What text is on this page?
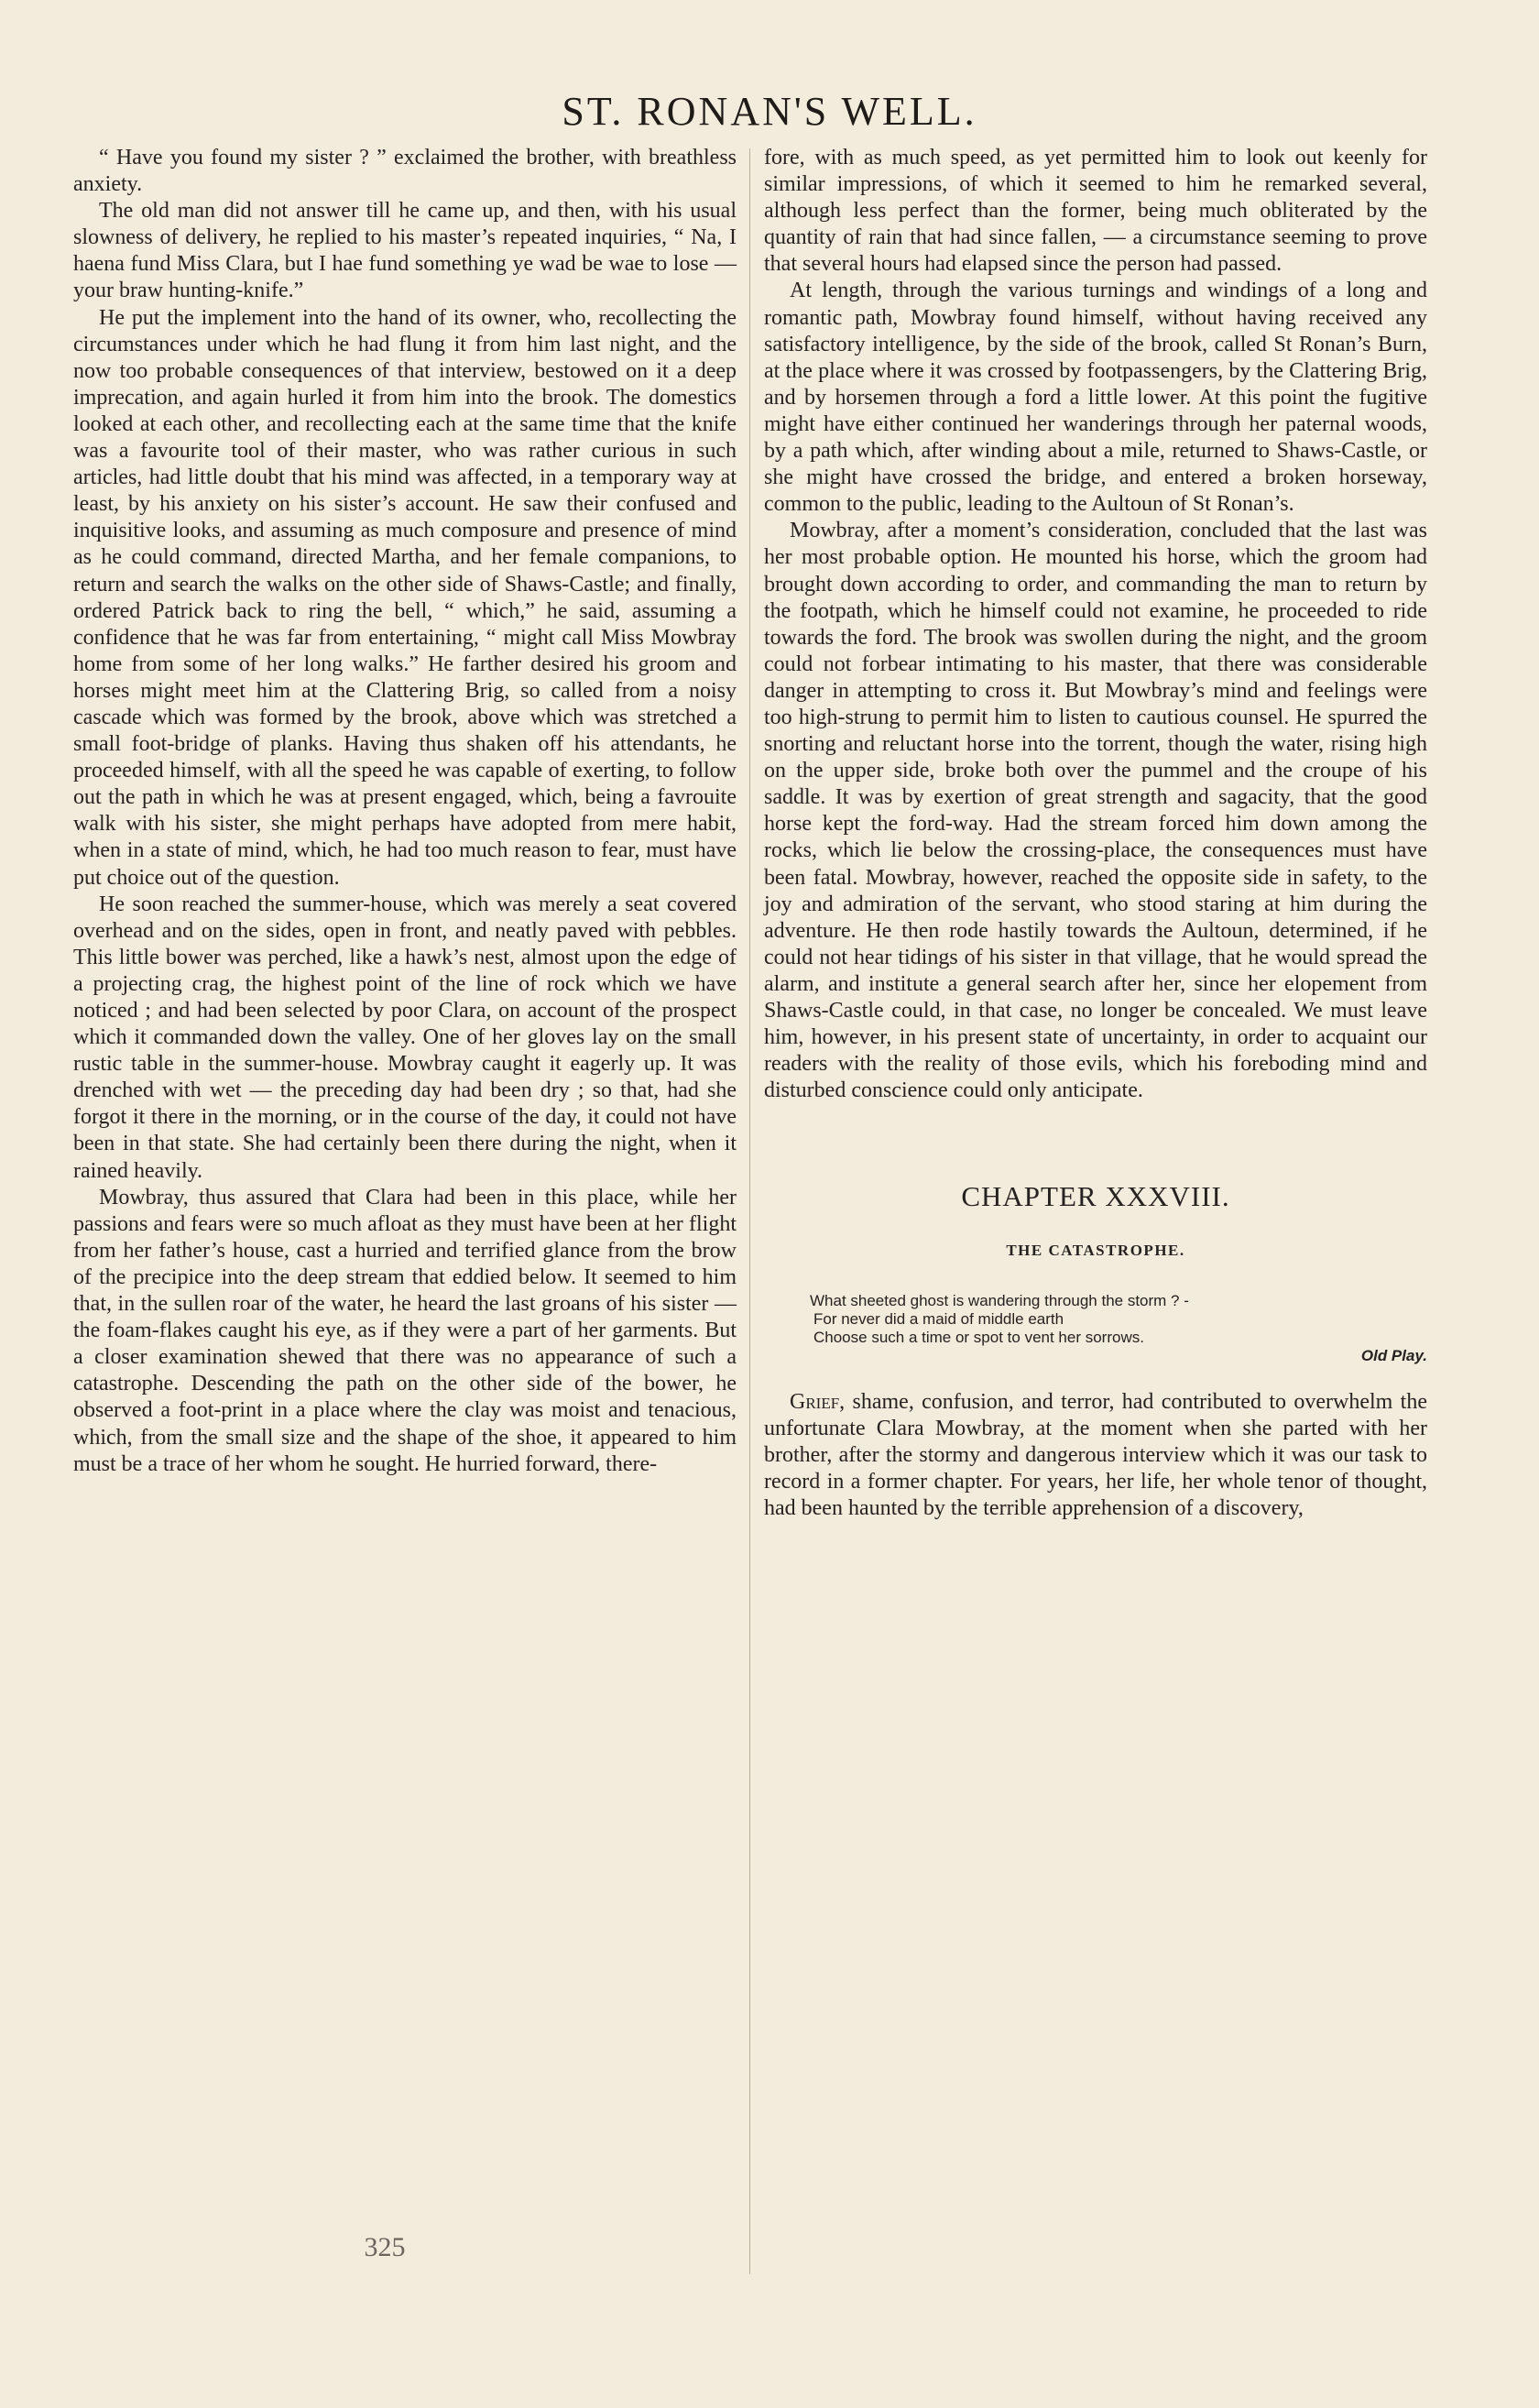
ST. RONAN'S WELL.

“ Have you found my sister ? ” exclaimed the brother, with breathless anxiety.

The old man did not answer till he came up, and then, with his usual slowness of delivery, he replied to his master’s repeated inquiries, “ Na, I haena fund Miss Clara, but I hae fund something ye wad be wae to lose — your braw hunting-knife.”

He put the implement into the hand of its owner, who, recollecting the circumstances under which he had flung it from him last night, and the now too probable consequences of that interview, bestowed on it a deep imprecation, and again hurled it from him into the brook. The domestics looked at each other, and recollecting each at the same time that the knife was a favourite tool of their master, who was rather curious in such articles, had little doubt that his mind was affected, in a temporary way at least, by his anxiety on his sister’s account. He saw their confused and inquisitive looks, and assuming as much composure and presence of mind as he could command, directed Martha, and her female companions, to return and search the walks on the other side of Shaws-Castle; and finally, ordered Patrick back to ring the bell, “ which,” he said, assuming a confidence that he was far from entertaining, “ might call Miss Mowbray home from some of her long walks.” He farther desired his groom and horses might meet him at the Clattering Brig, so called from a noisy cascade which was formed by the brook, above which was stretched a small foot-bridge of planks. Having thus shaken off his attendants, he proceeded himself, with all the speed he was capable of exerting, to follow out the path in which he was at present engaged, which, being a favrouite walk with his sister, she might perhaps have adopted from mere habit, when in a state of mind, which, he had too much reason to fear, must have put choice out of the question.

He soon reached the summer-house, which was merely a seat covered overhead and on the sides, open in front, and neatly paved with pebbles. This little bower was perched, like a hawk’s nest, almost upon the edge of a projecting crag, the highest point of the line of rock which we have noticed ; and had been selected by poor Clara, on account of the prospect which it commanded down the valley. One of her gloves lay on the small rustic table in the summer-house. Mowbray caught it eagerly up. It was drenched with wet — the preceding day had been dry ; so that, had she forgot it there in the morning, or in the course of the day, it could not have been in that state. She had certainly been there during the night, when it rained heavily.

Mowbray, thus assured that Clara had been in this place, while her passions and fears were so much afloat as they must have been at her flight from her father’s house, cast a hurried and terrified glance from the brow of the precipice into the deep stream that eddied below. It seemed to him that, in the sullen roar of the water, he heard the last groans of his sister — the foam-flakes caught his eye, as if they were a part of her garments. But a closer examination shewed that there was no appearance of such a catastrophe. Descending the path on the other side of the bower, he observed a foot-print in a place where the clay was moist and tenacious, which, from the small size and the shape of the shoe, it appeared to him must be a trace of her whom he sought. He hurried forward, there-

325

fore, with as much speed, as yet permitted him to look out keenly for similar impressions, of which it seemed to him he remarked several, although less perfect than the former, being much obliterated by the quantity of rain that had since fallen, — a circumstance seeming to prove that several hours had elapsed since the person had passed.

At length, through the various turnings and windings of a long and romantic path, Mowbray found himself, without having received any satisfactory intelligence, by the side of the brook, called St Ronan’s Burn, at the place where it was crossed by footpassengers, by the Clattering Brig, and by horsemen through a ford a little lower. At this point the fugitive might have either continued her wanderings through her paternal woods, by a path which, after winding about a mile, returned to Shaws-Castle, or she might have crossed the bridge, and entered a broken horseway, common to the public, leading to the Aultoun of St Ronan’s.

Mowbray, after a moment’s consideration, concluded that the last was her most probable option. He mounted his horse, which the groom had brought down according to order, and commanding the man to return by the footpath, which he himself could not examine, he proceeded to ride towards the ford. The brook was swollen during the night, and the groom could not forbear intimating to his master, that there was considerable danger in attempting to cross it. But Mowbray’s mind and feelings were too high-strung to permit him to listen to cautious counsel. He spurred the snorting and reluctant horse into the torrent, though the water, rising high on the upper side, broke both over the pummel and the croupe of his saddle. It was by exertion of great strength and sagacity, that the good horse kept the ford-way. Had the stream forced him down among the rocks, which lie below the crossing-place, the consequences must have been fatal. Mowbray, however, reached the opposite side in safety, to the joy and admiration of the servant, who stood staring at him during the adventure. He then rode hastily towards the Aultoun, determined, if he could not hear tidings of his sister in that village, that he would spread the alarm, and institute a general search after her, since her elopement from Shaws-Castle could, in that case, no longer be concealed. We must leave him, however, in his present state of uncertainty, in order to acquaint our readers with the reality of those evils, which his foreboding mind and disturbed conscience could only anticipate.

CHAPTER XXXVIII.
THE CATASTROPHE.
What sheeted ghost is wandering through the storm ? -
For never did a maid of middle earth
Choose such a time or spot to vent her sorrows.
Old Play.

Grief, shame, confusion, and terror, had contributed to overwhelm the unfortunate Clara Mowbray, at the moment when she parted with her brother, after the stormy and dangerous interview which it was our task to record in a former chapter. For years, her life, her whole tenor of thought, had been haunted by the terrible apprehension of a discovery,
